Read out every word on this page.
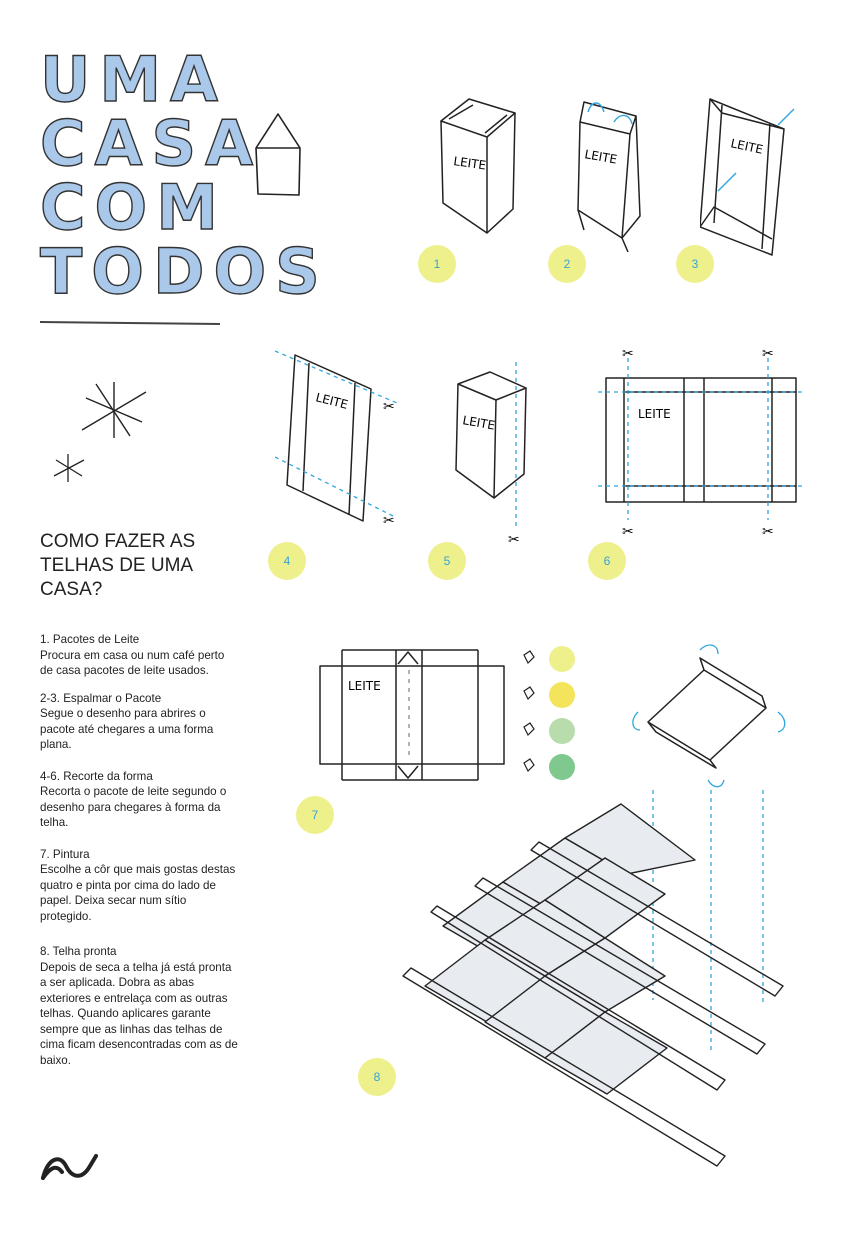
UMA
CASA
COM
TODOS
COMO FAZER AS TELHAS DE UMA CASA?

1. Pacotes de Leite

Procura em casa ou num café perto de casa pacotes de leite usados.

2-3. Espalmar o Pacote

Segue o desenho para abrires o pacote até chegares a uma forma plana.

4-6. Recorte da forma

Recorta o pacote de leite segundo o desenho para chegares à forma da telha.

7. Pintura

Escolhe a côr que mais gostas destas quatro e pinta por cima do lado de papel. Deixa secar num sítio protegido.

8. Telha pronta

Depois de seca a telha já está pronta a ser aplicada. Dobra as abas exteriores e entrelaça com as outras telhas. Quando aplicares garante sempre que as linhas das telhas de cima ficam desencontradas com as de baixo.

LEITE	LEITE
LEITE
LEITE ✂
✂
LEITE
✂
LEITE
✂	✂
✂	✂
LEITE
1	2	3
4	5	6
7
8
